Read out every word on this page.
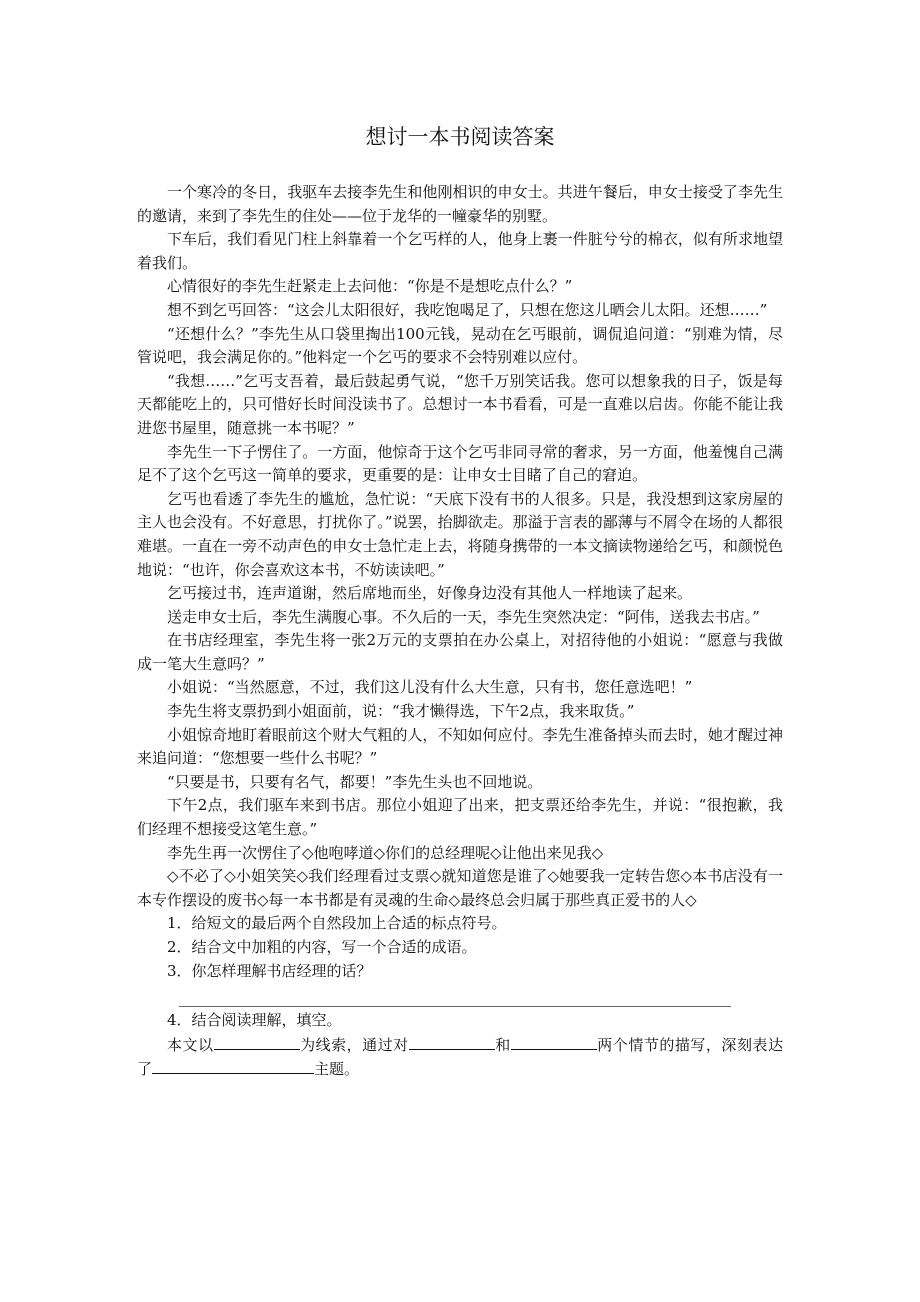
想讨一本书阅读答案

一个寒冷的冬日，我驱车去接李先生和他刚相识的申女士。共进午餐后，申女士接受了李先生的邀请，来到了李先生的住处——位于龙华的一幢豪华的别墅。

下车后，我们看见门柱上斜靠着一个乞丐样的人，他身上裹一件脏兮兮的棉衣，似有所求地望着我们。

心情很好的李先生赶紧走上去问他：“你是不是想吃点什么？”

想不到乞丐回答：“这会儿太阳很好，我吃饱喝足了，只想在您这儿晒会儿太阳。还想……”

“还想什么？”李先生从口袋里掏出100元钱，晃动在乞丐眼前，调侃追问道：“别难为情，尽管说吧，我会满足你的。”他料定一个乞丐的要求不会特别难以应付。

“我想……”乞丐支吾着，最后鼓起勇气说，“您千万别笑话我。您可以想象我的日子，饭是每天都能吃上的，只可惜好长时间没读书了。总想讨一本书看看，可是一直难以启齿。你能不能让我进您书屋里，随意挑一本书呢？”

李先生一下子愣住了。一方面，他惊奇于这个乞丐非同寻常的奢求，另一方面，他羞愧自己满足不了这个乞丐这一简单的要求，更重要的是：让申女士目睹了自己的窘迫。

乞丐也看透了李先生的尴尬，急忙说：“天底下没有书的人很多。只是，我没想到这家房屋的主人也会没有。不好意思，打扰你了。”说罢，抬脚欲走。那溢于言表的鄙薄与不屑令在场的人都很难堪。一直在一旁不动声色的申女士急忙走上去，将随身携带的一本文摘读物递给乞丐，和颜悦色地说：“也许，你会喜欢这本书，不妨读读吧。”

乞丐接过书，连声道谢，然后席地而坐，好像身边没有其他人一样地读了起来。

送走申女士后，李先生满腹心事。不久后的一天，李先生突然决定：“阿伟，送我去书店。”

在书店经理室，李先生将一张2万元的支票拍在办公桌上，对招待他的小姐说：“愿意与我做成一笔大生意吗？”

小姐说：“当然愿意，不过，我们这儿没有什么大生意，只有书，您任意选吧！”

李先生将支票扔到小姐面前，说：“我才懒得选，下午2点，我来取货。”

小姐惊奇地盯着眼前这个财大气粗的人，不知如何应付。李先生准备掉头而去时，她才醒过神来追问道：“您想要一些什么书呢？”

“只要是书，只要有名气，都要！”李先生头也不回地说。

下午2点，我们驱车来到书店。那位小姐迎了出来，把支票还给李先生，并说：“很抱歉，我们经理不想接受这笔生意。”

李先生再一次愣住了◇他咆哮道◇你们的总经理呢◇让他出来见我◇

◇不必了◇小姐笑笑◇我们经理看过支票◇就知道您是谁了◇她要我一定转告您◇本书店没有一本专作摆设的废书◇每一本书都是有灵魂的生命◇最终总会归属于那些真正爱书的人◇

1．给短文的最后两个自然段加上合适的标点符号。

2．结合文中加粗的内容，写一个合适的成语。

3．你怎样理解书店经理的话？

4．结合阅读理解，填空。

本文以	为线索，通过对	和	两个情节的描写，深刻表达了	主题。
